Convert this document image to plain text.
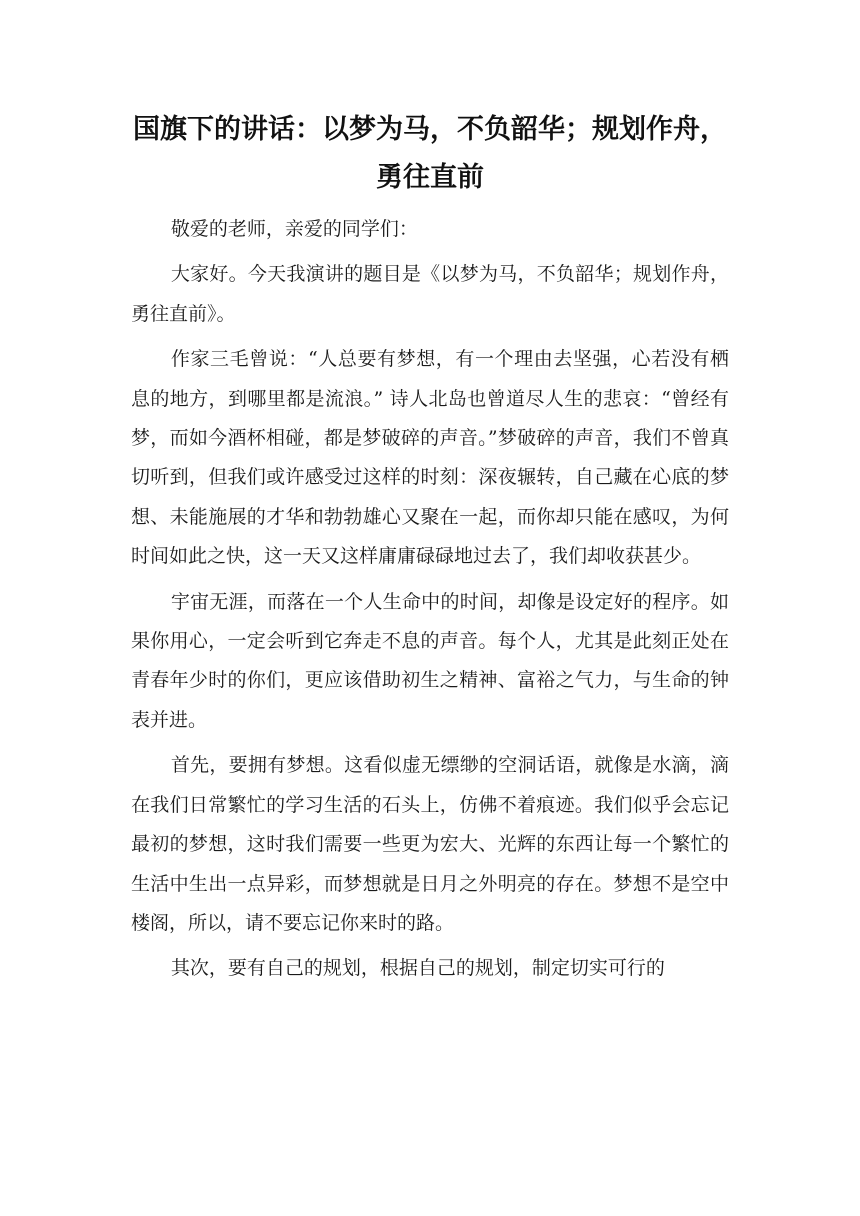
国旗下的讲话：以梦为马，不负韶华；规划作舟，勇往直前

敬爱的老师，亲爱的同学们：

大家好。今天我演讲的题目是《以梦为马，不负韶华；规划作舟，勇往直前》。

作家三毛曾说：“人总要有梦想，有一个理由去坚强，心若没有栖息的地方，到哪里都是流浪。” 诗人北岛也曾道尽人生的悲哀：“曾经有梦，而如今酒杯相碰，都是梦破碎的声音。”梦破碎的声音，我们不曾真切听到，但我们或许感受过这样的时刻：深夜辗转，自己藏在心底的梦想、未能施展的才华和勃勃雄心又聚在一起，而你却只能在感叹，为何时间如此之快，这一天又这样庸庸碌碌地过去了，我们却收获甚少。

宇宙无涯，而落在一个人生命中的时间，却像是设定好的程序。如果你用心，一定会听到它奔走不息的声音。每个人，尤其是此刻正处在青春年少时的你们，更应该借助初生之精神、富裕之气力，与生命的钟表并进。

首先，要拥有梦想。这看似虚无缥缈的空洞话语，就像是水滴，滴在我们日常繁忙的学习生活的石头上，仿佛不着痕迹。我们似乎会忘记最初的梦想，这时我们需要一些更为宏大、光辉的东西让每一个繁忙的生活中生出一点异彩，而梦想就是日月之外明亮的存在。梦想不是空中楼阁，所以，请不要忘记你来时的路。

其次，要有自己的规划，根据自己的规划，制定切实可行的
